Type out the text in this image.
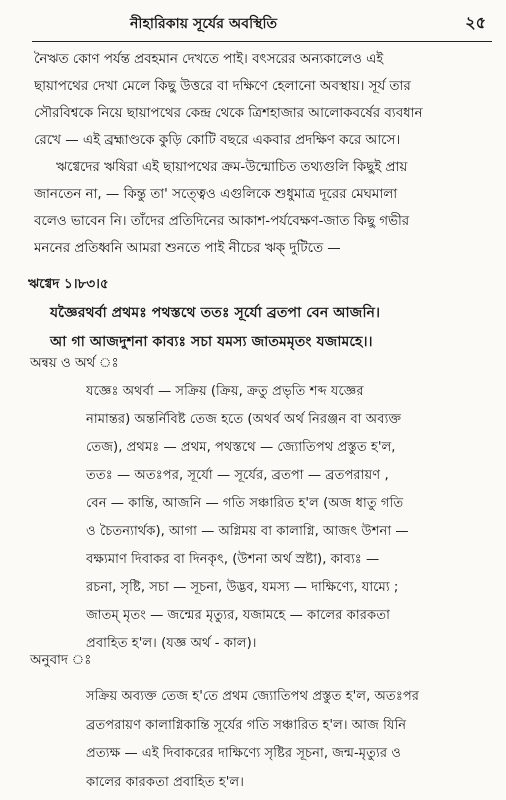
নীহারিকায় সূর্যের অবস্থিতি	২৫

নৈঋত কোণ পর্যন্ত প্রবহমান দেখতে পাই। বৎসরের অন্যকালেও এই
ছায়াপথের দেখা মেলে কিছু উত্তরে বা দক্ষিণে হেলানো অবস্থায়। সূর্য তার
সৌরবিশ্বকে নিয়ে ছায়াপথের কেন্দ্র থেকে ত্রিশহাজার আলোকবর্ষের ব্যবধান
রেখে — এই ব্রহ্মাণ্ডকে কুড়ি কোটি বছরে একবার প্রদক্ষিণ করে আসে।

ঋগ্বেদের ঋষিরা এই ছায়াপথের ক্রম-উন্মোচিত তথ্যগুলি কিছুই প্রায়
জানতেন না, — কিন্তু তা' সত্ত্বেও এগুলিকে শুধুমাত্র দূরের মেঘমালা
বলেও ভাবেন নি। তাঁদের প্রতিদিনের আকাশ-পর্যবেক্ষণ-জাত কিছু গভীর
মননের প্রতিধ্বনি আমরা শুনতে পাই নীচের ঋক্ দুটিতে —

ঋগ্বেদ ১।৮৩।৫
যজ্ঞৈরথর্বা প্রথমঃ পথস্তথে ততঃ সূর্যো ব্রতপা বেন আজনি।
আ গা আজদুশনা কাব্যঃ সচা যমস্য জাতমমৃতং যজামহে।।
অন্বয় ও অর্থ ঃ
যজ্ঞেঃ অথর্বা — সক্রিয় (ক্রিয়, ক্রতু প্রভৃতি শব্দ যজ্ঞের
নামান্তর) অন্তর্নিবিষ্ট তেজ হতে (অথর্ব অর্থ নিরঞ্জন বা অব্যক্ত
তেজ), প্রথমঃ — প্রথম, পথস্তথে — জ্যোতিপথ প্রস্তুত হ'ল,
ততঃ — অতঃপর, সূর্যো — সূর্যের, ব্রতপা — ব্রতপরায়ণ ,
বেন — কান্তি, আজনি — গতি সঞ্চারিত হ'ল (অজ ধাতু গতি
ও চৈতন্যার্থক), আগা — অগ্নিময় বা কালাগ্নি, আজৎ উশনা —
বক্ষ্যমাণ দিবাকর বা দিনকৃৎ, (উশনা অর্থ স্রষ্টা), কাব্যঃ —
রচনা, সৃষ্টি, সচা — সূচনা, উদ্ভব, যমস্য — দাক্ষিণ্যে, যাম্যে ;
জাতম্ মৃতং — জন্মের মৃত্যুর, যজামহে — কালের কারকতা
প্রবাহিত হ'ল। (যজ্ঞ অর্থ - কাল)।
অনুবাদ ঃ
সক্রিয় অব্যক্ত তেজ হ'তে প্রথম জ্যোতিপথ প্রস্তুত হ'ল, অতঃপর
ব্রতপরায়ণ কালাগ্নিকান্তি সূর্যের গতি সঞ্চারিত হ'ল। আজ যিনি
প্রত্যক্ষ — এই দিবাকরের দাক্ষিণ্যে সৃষ্টির সূচনা, জন্ম-মৃত্যুর ও
কালের কারকতা প্রবাহিত হ'ল।
